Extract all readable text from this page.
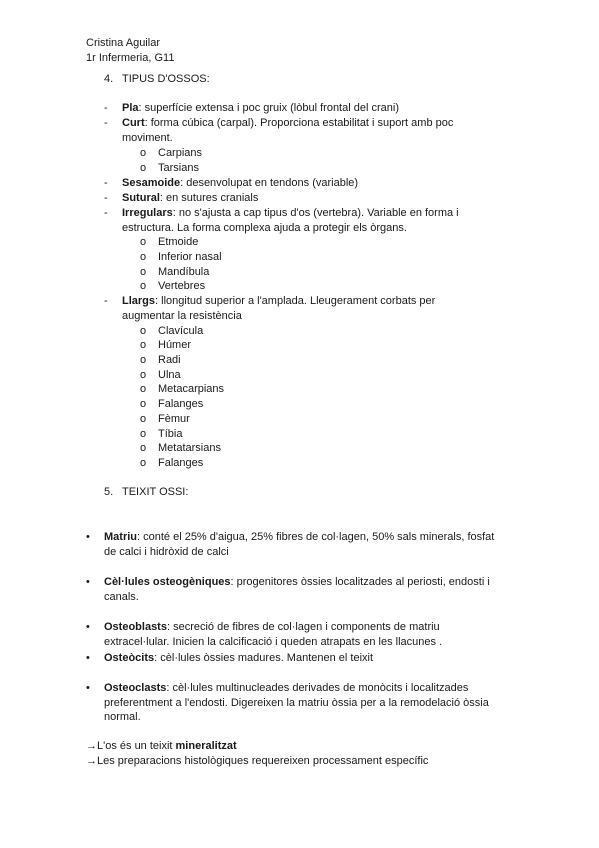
Cristina Aguilar
1r Infermeria, G11
4. TIPUS D'OSSOS:
- Pla: superfície extensa i poc gruix (lòbul frontal del crani)
- Curt: forma cúbica (carpal). Proporciona estabilitat i suport amb poc
moviment.
o Carpians
o Tarsians
- Sesamoide: desenvolupat en tendons (variable)
- Sutural: en sutures cranials
- Irregulars: no s'ajusta a cap tipus d'os (vertebra). Variable en forma i
estructura. La forma complexa ajuda a protegir els òrgans.
o Etmoide
o Inferior nasal
o Mandíbula
o Vertebres
- Llargs: llongitud superior a l'amplada. Lleugerament corbats per
augmentar la resistència
o Clavícula
o Húmer
o Radi
o Ulna
o Metacarpians
o Falanges
o Fèmur
o Tíbia
o Metatarsians
o Falanges
5. TEIXIT OSSI:
• Matriu: conté el 25% d'aigua, 25% fibres de col·lagen, 50% sals minerals, fosfat
de calci i hidròxid de calci
• Cèl·lules osteogèniques: progenitores òssies localitzades al periosti, endosti i
canals.
• Osteoblasts: secreció de fibres de col·lagen i components de matriu
extracel·lular. Inicien la calcificació i queden atrapats en les llacunes .
• Osteòcits: cèl·lules òssies madures. Mantenen el teixit
• Osteoclasts: cèl·lules multinucleades derivades de monòcits i localitzades
preferentment a l'endosti. Digereixen la matriu òssia per a la remodelació òssia
normal.
→L'os és un teixit mineralitzat
→Les preparacions histològiques requereixen processament específic
